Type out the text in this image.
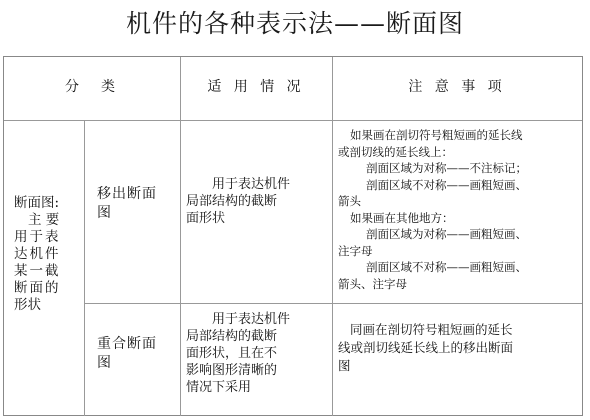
机件的各种表示法——断面图
分　类	适 用 情 况	注 意 事 项
断面图:
主 要
用于表
达机件
某一截
断面的
形状
移出断面
图
用于表达机件
局部结构的截断
面形状

如果画在剖切符号粗短画的延长线

或剖切线的延长线上：

剖面区域为对称——不注标记；

剖面区域不对称——画粗短画、

箭头

如果画在其他地方：

剖面区域为对称——画粗短画、

注字母

剖面区域不对称——画粗短画、

箭头、注字母

重合断面
图
用于表达机件
局部结构的截断
面形状，且在不
影响图形清晰的
情况下采用

同画在剖切符号粗短画的延长

线或剖切线延长线上的移出断面

图
